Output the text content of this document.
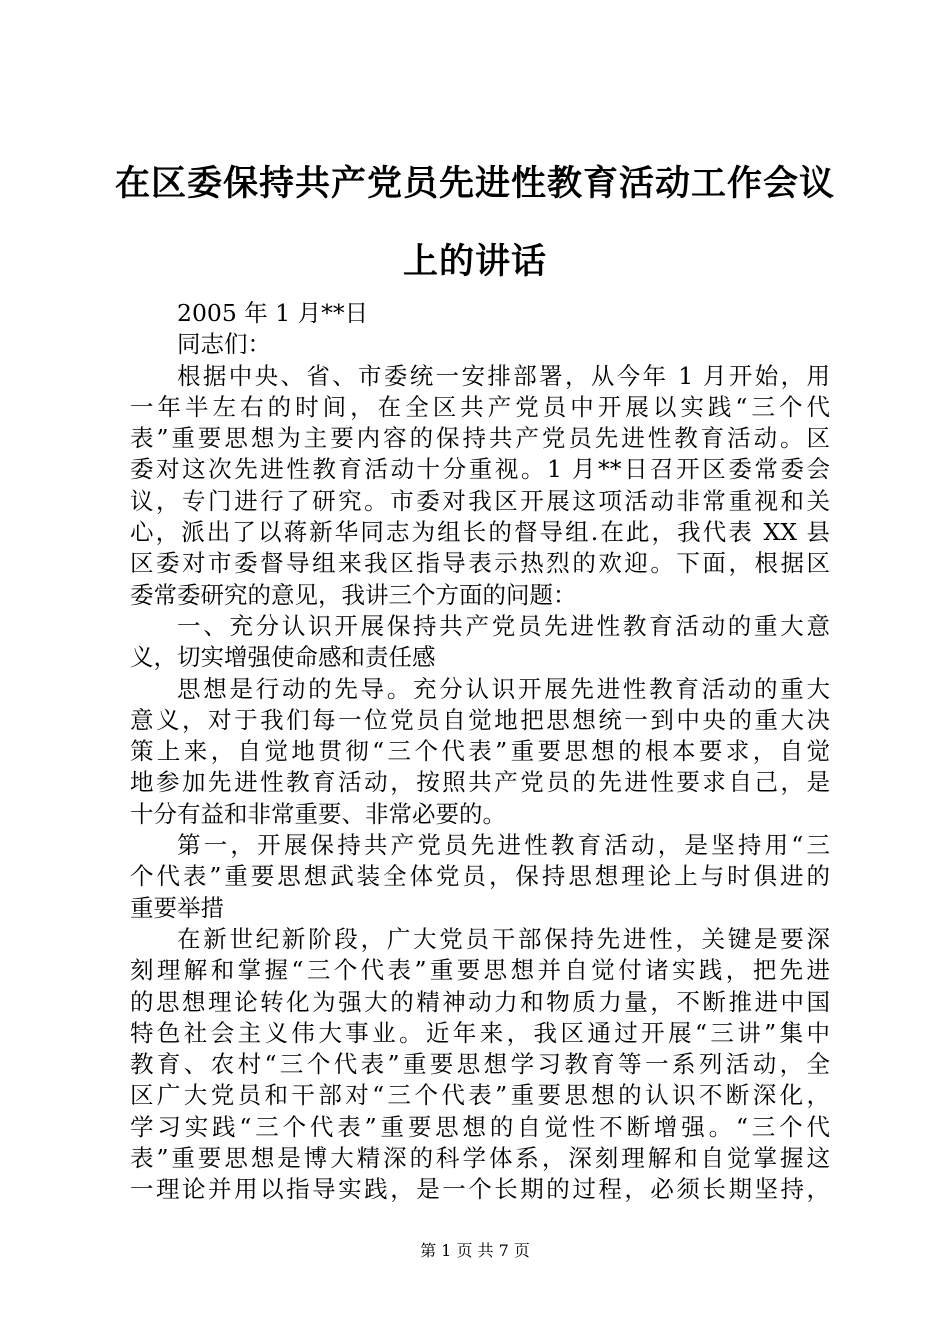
在区委保持共产党员先进性教育活动工作会议
上的讲话
2005 年 1 月**日
同志们：
根据中央、省、市委统一安排部署，从今年 1 月开始，用
一年半左右的时间，在全区共产党员中开展以实践“三个代
表”重要思想为主要内容的保持共产党员先进性教育活动。区
委对这次先进性教育活动十分重视。1 月**日召开区委常委会
议，专门进行了研究。市委对我区开展这项活动非常重视和关
心，派出了以蒋新华同志为组长的督导组.在此，我代表 XX 县
区委对市委督导组来我区指导表示热烈的欢迎。下面，根据区
委常委研究的意见，我讲三个方面的问题：
一、充分认识开展保持共产党员先进性教育活动的重大意
义，切实增强使命感和责任感
思想是行动的先导。充分认识开展先进性教育活动的重大
意义，对于我们每一位党员自觉地把思想统一到中央的重大决
策上来，自觉地贯彻“三个代表”重要思想的根本要求，自觉
地参加先进性教育活动，按照共产党员的先进性要求自己，是
十分有益和非常重要、非常必要的。
第一，开展保持共产党员先进性教育活动，是坚持用“三
个代表”重要思想武装全体党员，保持思想理论上与时俱进的
重要举措
在新世纪新阶段，广大党员干部保持先进性，关键是要深
刻理解和掌握“三个代表”重要思想并自觉付诸实践，把先进
的思想理论转化为强大的精神动力和物质力量，不断推进中国
特色社会主义伟大事业。近年来，我区通过开展“三讲”集中
教育、农村“三个代表”重要思想学习教育等一系列活动，全
区广大党员和干部对“三个代表”重要思想的认识不断深化，
学习实践“三个代表”重要思想的自觉性不断增强。“三个代
表”重要思想是博大精深的科学体系，深刻理解和自觉掌握这
一理论并用以指导实践，是一个长期的过程，必须长期坚持，
第 1 页 共 7 页
